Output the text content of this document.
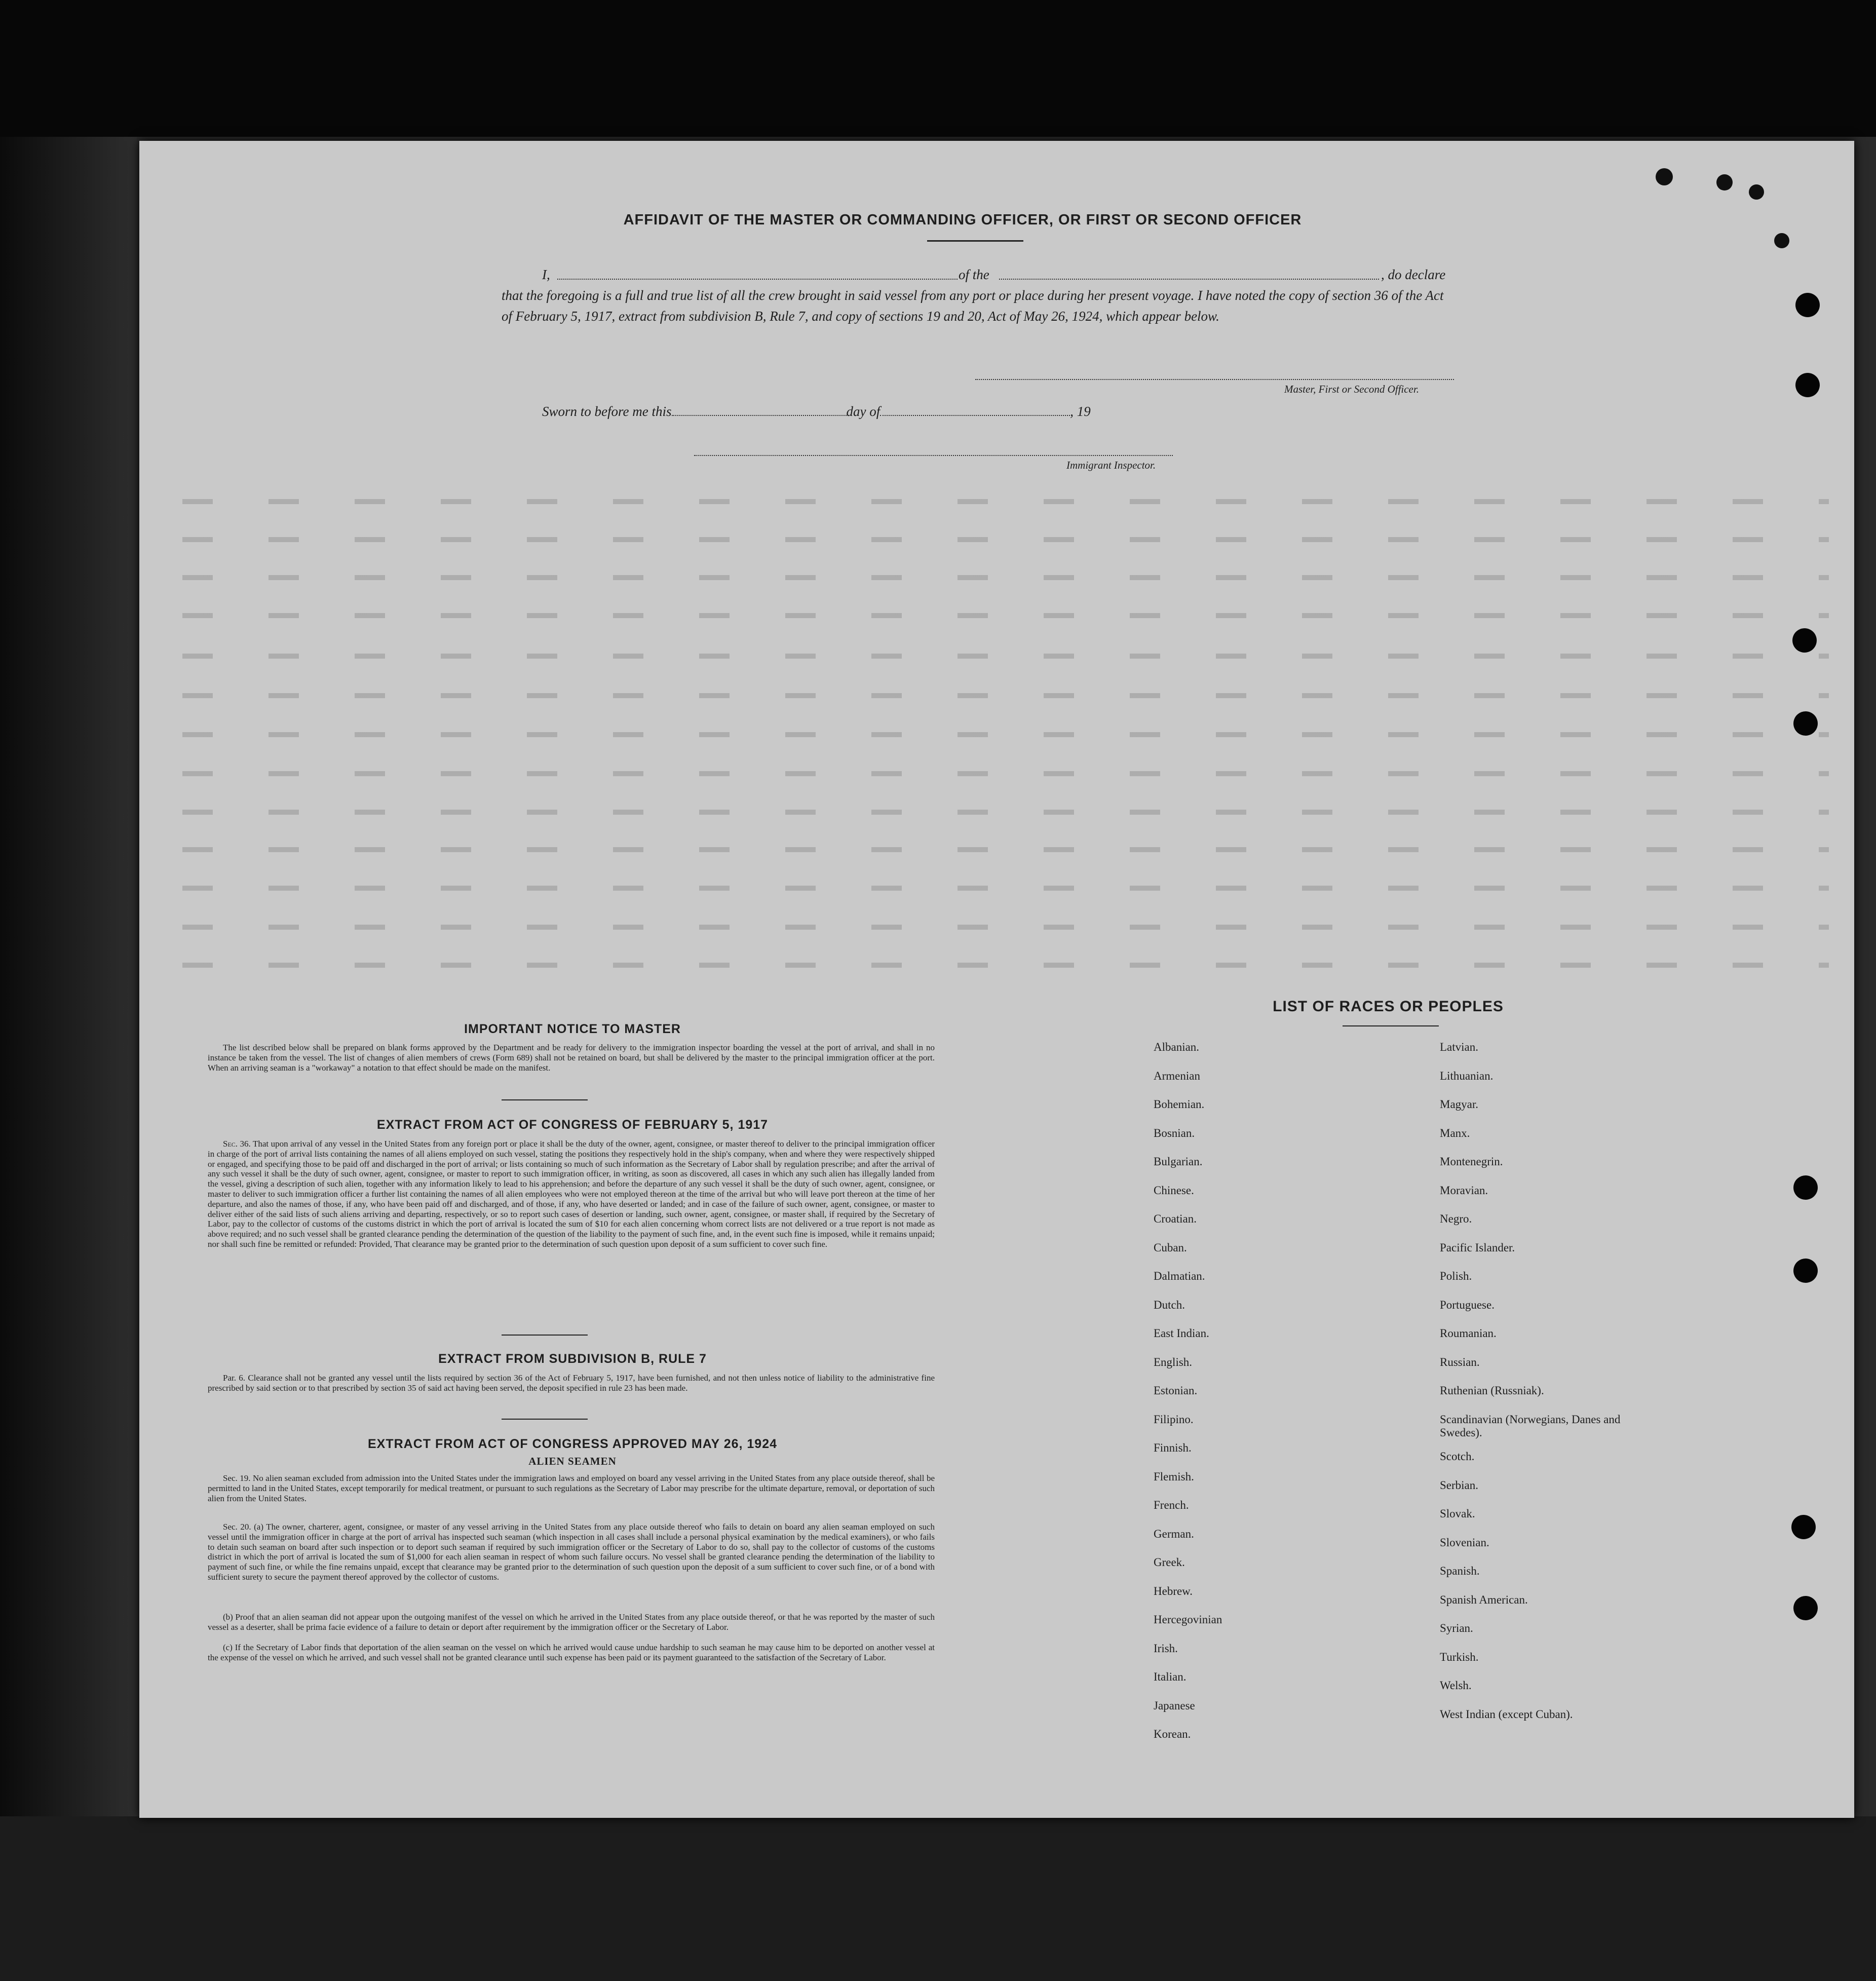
AFFIDAVIT OF THE MASTER OR COMMANDING OFFICER, OR FIRST OR SECOND OFFICER
I,	of the	, do declare
that the foregoing is a full and true list of all the crew brought in said vessel from any port or place during her present voyage. I have noted the copy of section 36 of the Act of February 5, 1917, extract from subdivision B, Rule 7, and copy of sections 19 and 20, Act of May 26, 1924, which appear below.
Master, First or Second Officer.
Sworn to before me this	day of	, 19
Immigrant Inspector.
IMPORTANT NOTICE TO MASTER
The list described below shall be prepared on blank forms approved by the Department and be ready for delivery to the immigration inspector boarding the vessel at the port of arrival, and shall in no instance be taken from the vessel. The list of changes of alien members of crews (Form 689) shall not be retained on board, but shall be delivered by the master to the principal immigration officer at the port. When an arriving seaman is a "workaway" a notation to that effect should be made on the manifest.
EXTRACT FROM ACT OF CONGRESS OF FEBRUARY 5, 1917
Sec. 36. That upon arrival of any vessel in the United States from any foreign port or place it shall be the duty of the owner, agent, consignee, or master thereof to deliver to the principal immigration officer in charge of the port of arrival lists containing the names of all aliens employed on such vessel, stating the positions they respectively hold in the ship's company, when and where they were respectively shipped or engaged, and specifying those to be paid off and discharged in the port of arrival; or lists containing so much of such information as the Secretary of Labor shall by regulation prescribe; and after the arrival of any such vessel it shall be the duty of such owner, agent, consignee, or master to report to such immigration officer, in writing, as soon as discovered, all cases in which any such alien has illegally landed from the vessel, giving a description of such alien, together with any information likely to lead to his apprehension; and before the departure of any such vessel it shall be the duty of such owner, agent, consignee, or master to deliver to such immigration officer a further list containing the names of all alien employees who were not employed thereon at the time of the arrival but who will leave port thereon at the time of her departure, and also the names of those, if any, who have been paid off and discharged, and of those, if any, who have deserted or landed; and in case of the failure of such owner, agent, consignee, or master to deliver either of the said lists of such aliens arriving and departing, respectively, or so to report such cases of desertion or landing, such owner, agent, consignee, or master shall, if required by the Secretary of Labor, pay to the collector of customs of the customs district in which the port of arrival is located the sum of $10 for each alien concerning whom correct lists are not delivered or a true report is not made as above required; and no such vessel shall be granted clearance pending the determination of the question of the liability to the payment of such fine, and, in the event such fine is imposed, while it remains unpaid; nor shall such fine be remitted or refunded: Provided, That clearance may be granted prior to the determination of such question upon deposit of a sum sufficient to cover such fine.
EXTRACT FROM SUBDIVISION B, RULE 7
Par. 6. Clearance shall not be granted any vessel until the lists required by section 36 of the Act of February 5, 1917, have been furnished, and not then unless notice of liability to the administrative fine prescribed by said section or to that prescribed by section 35 of said act having been served, the deposit specified in rule 23 has been made.
EXTRACT FROM ACT OF CONGRESS APPROVED MAY 26, 1924
ALIEN SEAMEN
Sec. 19. No alien seaman excluded from admission into the United States under the immigration laws and employed on board any vessel arriving in the United States from any place outside thereof, shall be permitted to land in the United States, except temporarily for medical treatment, or pursuant to such regulations as the Secretary of Labor may prescribe for the ultimate departure, removal, or deportation of such alien from the United States.
Sec. 20. (a) The owner, charterer, agent, consignee, or master of any vessel arriving in the United States from any place outside thereof who fails to detain on board any alien seaman employed on such vessel until the immigration officer in charge at the port of arrival has inspected such seaman (which inspection in all cases shall include a personal physical examination by the medical examiners), or who fails to detain such seaman on board after such inspection or to deport such seaman if required by such immigration officer or the Secretary of Labor to do so, shall pay to the collector of customs of the customs district in which the port of arrival is located the sum of $1,000 for each alien seaman in respect of whom such failure occurs. No vessel shall be granted clearance pending the determination of the liability to payment of such fine, or while the fine remains unpaid, except that clearance may be granted prior to the determination of such question upon the deposit of a sum sufficient to cover such fine, or of a bond with sufficient surety to secure the payment thereof approved by the collector of customs.
(b) Proof that an alien seaman did not appear upon the outgoing manifest of the vessel on which he arrived in the United States from any place outside thereof, or that he was reported by the master of such vessel as a deserter, shall be prima facie evidence of a failure to detain or deport after requirement by the immigration officer or the Secretary of Labor.
(c) If the Secretary of Labor finds that deportation of the alien seaman on the vessel on which he arrived would cause undue hardship to such seaman he may cause him to be deported on another vessel at the expense of the vessel on which he arrived, and such vessel shall not be granted clearance until such expense has been paid or its payment guaranteed to the satisfaction of the Secretary of Labor.
LIST OF RACES OR PEOPLES
Albanian.
Armenian
Bohemian.
Bosnian.
Bulgarian.
Chinese.
Croatian.
Cuban.
Dalmatian.
Dutch.
East Indian.
English.
Estonian.
Filipino.
Finnish.
Flemish.
French.
German.
Greek.
Hebrew.
Hercegovinian
Irish.
Italian.
Japanese
Korean.
Latvian.
Lithuanian.
Magyar.
Manx.
Montenegrin.
Moravian.
Negro.
Pacific Islander.
Polish.
Portuguese.
Roumanian.
Russian.
Ruthenian (Russniak).
Scandinavian (Norwegians, Danes and Swedes).
Scotch.
Serbian.
Slovak.
Slovenian.
Spanish.
Spanish American.
Syrian.
Turkish.
Welsh.
West Indian (except Cuban).
